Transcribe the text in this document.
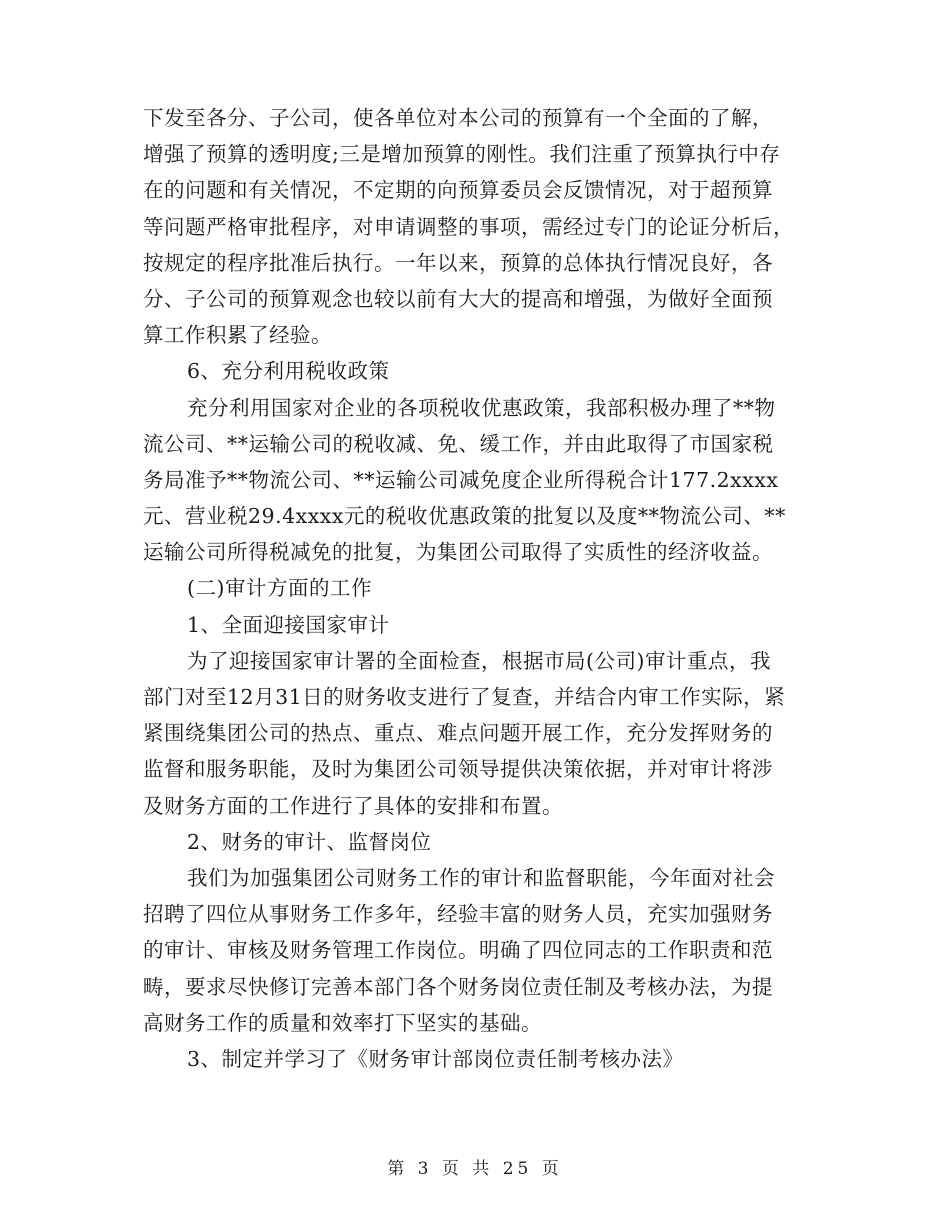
下发至各分、子公司，使各单位对本公司的预算有一个全面的了解，
增强了预算的透明度;三是增加预算的刚性。我们注重了预算执行中存
在的问题和有关情况，不定期的向预算委员会反馈情况，对于超预算
等问题严格审批程序，对申请调整的事项，需经过专门的论证分析后，
按规定的程序批准后执行。一年以来，预算的总体执行情况良好，各
分、子公司的预算观念也较以前有大大的提高和增强，为做好全面预
算工作积累了经验。
6、充分利用税收政策
充分利用国家对企业的各项税收优惠政策，我部积极办理了**物
流公司、**运输公司的税收减、免、缓工作，并由此取得了市国家税
务局准予**物流公司、**运输公司减免度企业所得税合计177.2xxxx
元、营业税29.4xxxx元的税收优惠政策的批复以及度**物流公司、**
运输公司所得税减免的批复，为集团公司取得了实质性的经济收益。
(二)审计方面的工作
1、全面迎接国家审计
为了迎接国家审计署的全面检查，根据市局(公司)审计重点，我
部门对至12月31日的财务收支进行了复查，并结合内审工作实际，紧
紧围绕集团公司的热点、重点、难点问题开展工作，充分发挥财务的
监督和服务职能，及时为集团公司领导提供决策依据，并对审计将涉
及财务方面的工作进行了具体的安排和布置。
2、财务的审计、监督岗位
我们为加强集团公司财务工作的审计和监督职能，今年面对社会
招聘了四位从事财务工作多年，经验丰富的财务人员，充实加强财务
的审计、审核及财务管理工作岗位。明确了四位同志的工作职责和范
畴，要求尽快修订完善本部门各个财务岗位责任制及考核办法，为提
高财务工作的质量和效率打下坚实的基础。
3、制定并学习了《财务审计部岗位责任制考核办法》
第 3 页 共 25 页
